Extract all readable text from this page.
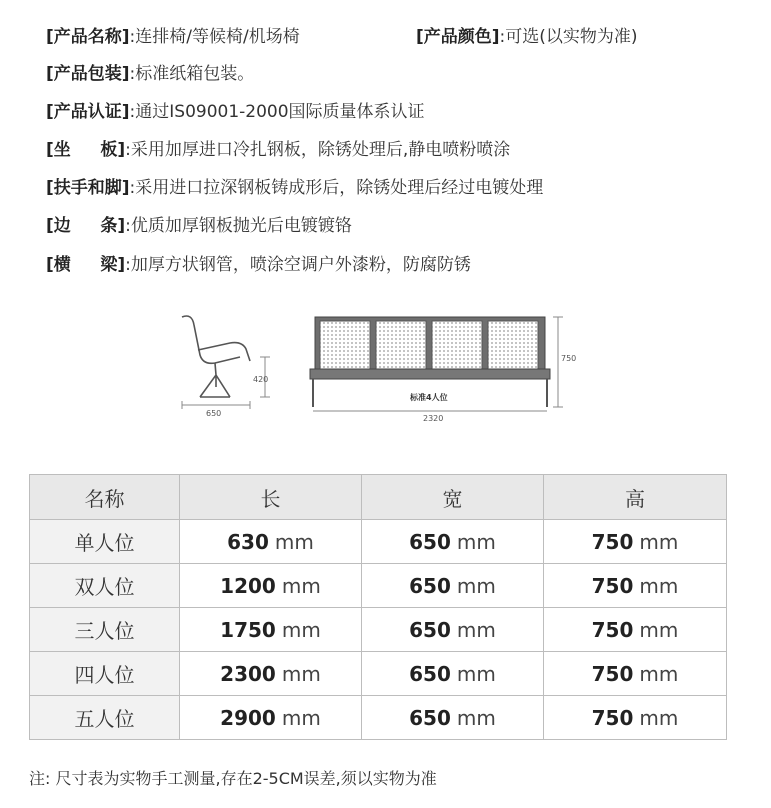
[产品名称]:连排椅/等候椅/机场椅	[产品颜色]:可选(以实物为准)
[产品包装]:标准纸箱包装。
[产品认证]:通过IS09001-2000国际质量体系认证
[坐     板]:采用加厚进口冷扎钢板，除锈处理后,静电喷粉喷涂
[扶手和脚]:采用进口拉深钢板铸成形后，除锈处理后经过电镀处理
[边     条]:优质加厚钢板抛光后电镀镀铬
[横     梁]:加厚方状钢管，喷涂空调户外漆粉，防腐防锈
650
420
标准4人位
2320
750
名称	长	宽	高
单人位	630 mm	650 mm	750 mm
双人位	1200 mm	650 mm	750 mm
三人位	1750 mm	650 mm	750 mm
四人位	2300 mm	650 mm	750 mm
五人位	2900 mm	650 mm	750 mm
注: 尺寸表为实物手工测量,存在2-5CM误差,须以实物为准
